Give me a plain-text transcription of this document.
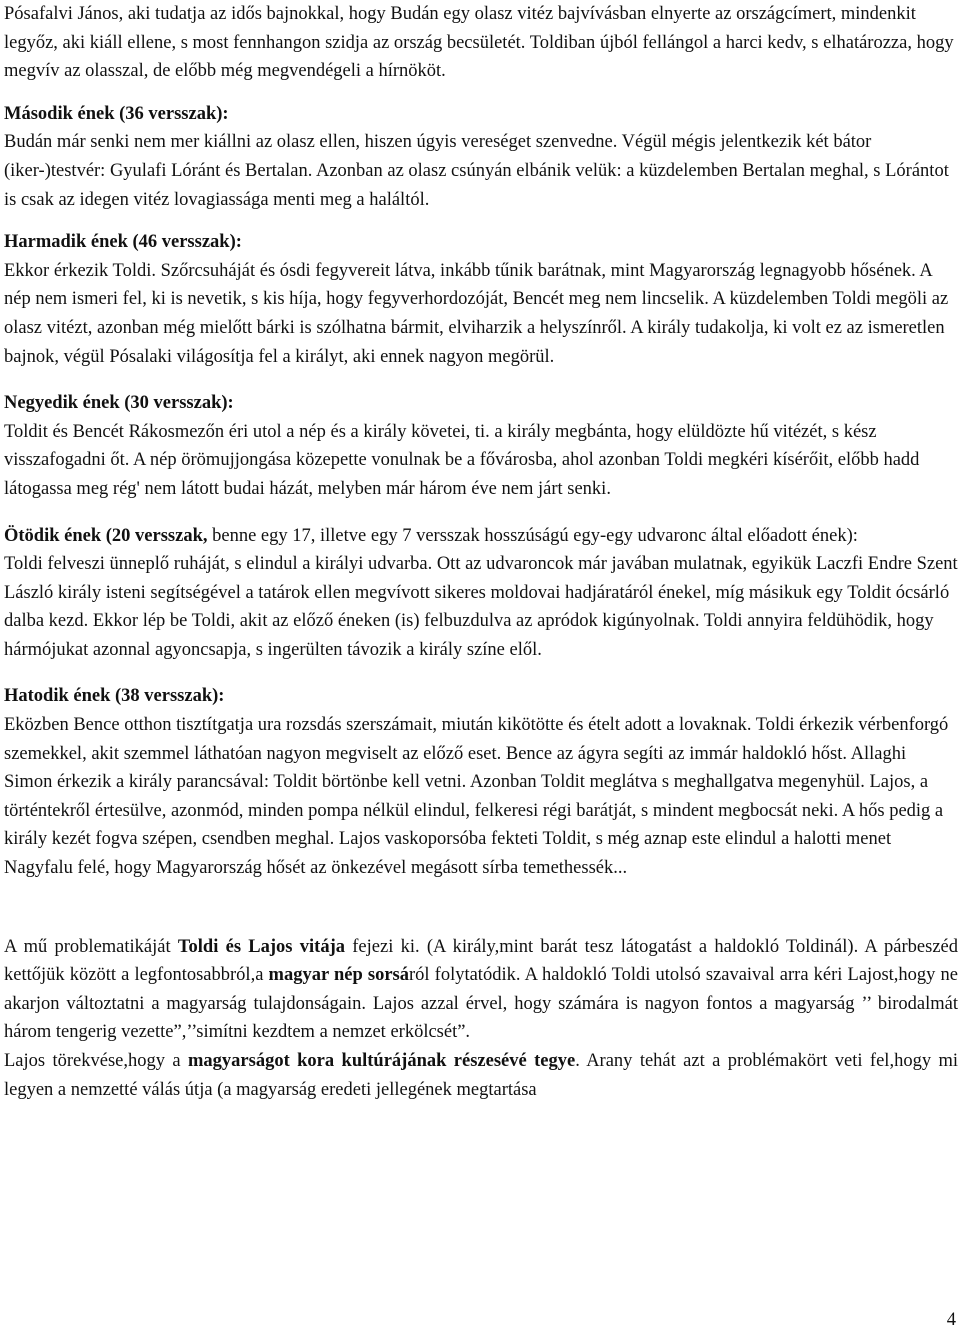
Pósafalvi János, aki tudatja az idős bajnokkal, hogy Budán egy olasz vitéz bajvívásban elnyerte az országcímert, mindenkit legyőz, aki kiáll ellene, s most fennhangon szidja az ország becsületét. Toldiban újból fellángol a harci kedv, s elhatározza, hogy megvív az olasszal, de előbb még megvendégeli a hírnököt.

Második ének (36 versszak):
Budán már senki nem mer kiállni az olasz ellen, hiszen úgyis vereséget szenvedne. Végül mégis jelentkezik két bátor (iker-)testvér: Gyulafi Lóránt és Bertalan. Azonban az olasz csúnyán elbánik velük: a küzdelemben Bertalan meghal, s Lórántot is csak az idegen vitéz lovagiassága menti meg a haláltól.

Harmadik ének (46 versszak):
Ekkor érkezik Toldi. Szőrcsuháját és ósdi fegyvereit látva, inkább tűnik barátnak, mint Magyarország legnagyobb hősének. A nép nem ismeri fel, ki is nevetik, s kis híja, hogy fegyverhordozóját, Bencét meg nem lincselik. A küzdelemben Toldi megöli az olasz vitézt, azonban még mielőtt bárki is szólhatna bármit, elviharzik a helyszínről. A király tudakolja, ki volt ez az ismeretlen bajnok, végül Pósalaki világosítja fel a királyt, aki ennek nagyon megörül.

Negyedik ének (30 versszak):
Toldit és Bencét Rákosmezőn éri utol a nép és a király követei, ti. a király megbánta, hogy elüldözte hű vitézét, s kész visszafogadni őt. A nép örömujjongása közepette vonulnak be a fővárosba, ahol azonban Toldi megkéri kísérőit, előbb hadd látogassa meg rég' nem látott budai házát, melyben már három éve nem járt senki.

Ötödik ének (20 versszak, benne egy 17, illetve egy 7 versszak hosszúságú egy-egy udvaronc által előadott ének):
Toldi felveszi ünneplő ruháját, s elindul a királyi udvarba. Ott az udvaroncok már javában mulatnak, egyikük Laczfi Endre Szent László király isteni segítségével a tatárok ellen megvívott sikeres moldovai hadjáratáról énekel, míg másikuk egy Toldit ócsárló dalba kezd. Ekkor lép be Toldi, akit az előző éneken (is) felbuzdulva az apródok kigúnyolnak. Toldi annyira feldühödik, hogy hármójukat azonnal agyoncsapja, s ingerülten távozik a király színe elől.

Hatodik ének (38 versszak):
Eközben Bence otthon tisztítgatja ura rozsdás szerszámait, miután kikötötte és ételt adott a lovaknak. Toldi érkezik vérbenforgó szemekkel, akit szemmel láthatóan nagyon megviselt az előző eset. Bence az ágyra segíti az immár haldokló hőst. Allaghi Simon érkezik a király parancsával: Toldit börtönbe kell vetni. Azonban Toldit meglátva s meghallgatva megenyhül. Lajos, a történtekről értesülve, azonmód, minden pompa nélkül elindul, felkeresi régi barátját, s mindent megbocsát neki. A hős pedig a király kezét fogva szépen, csendben meghal. Lajos vaskoporsóba fekteti Toldit, s még aznap este elindul a halotti menet Nagyfalu felé, hogy Magyarország hősét az önkezével megásott sírba temethessék...

A mű problematikáját Toldi és Lajos vitája fejezi ki. (A király,mint barát tesz látogatást a haldokló Toldinál). A párbeszéd kettőjük között a legfontosabbról,a magyar nép sorsáról folytatódik. A haldokló Toldi utolsó szavaival arra kéri Lajost,hogy ne akarjon változtatni a magyarság tulajdonságain. Lajos azzal érvel, hogy számára is nagyon fontos a magyarság ’’ birodalmát három tengerig vezette”,’’simítni kezdtem a nemzet erkölcsét”.

Lajos törekvése,hogy a magyarságot kora kultúrájának részesévé tegye. Arany tehát azt a problémakört veti fel,hogy mi legyen a nemzetté válás útja (a magyarság eredeti jellegének megtartása

4
